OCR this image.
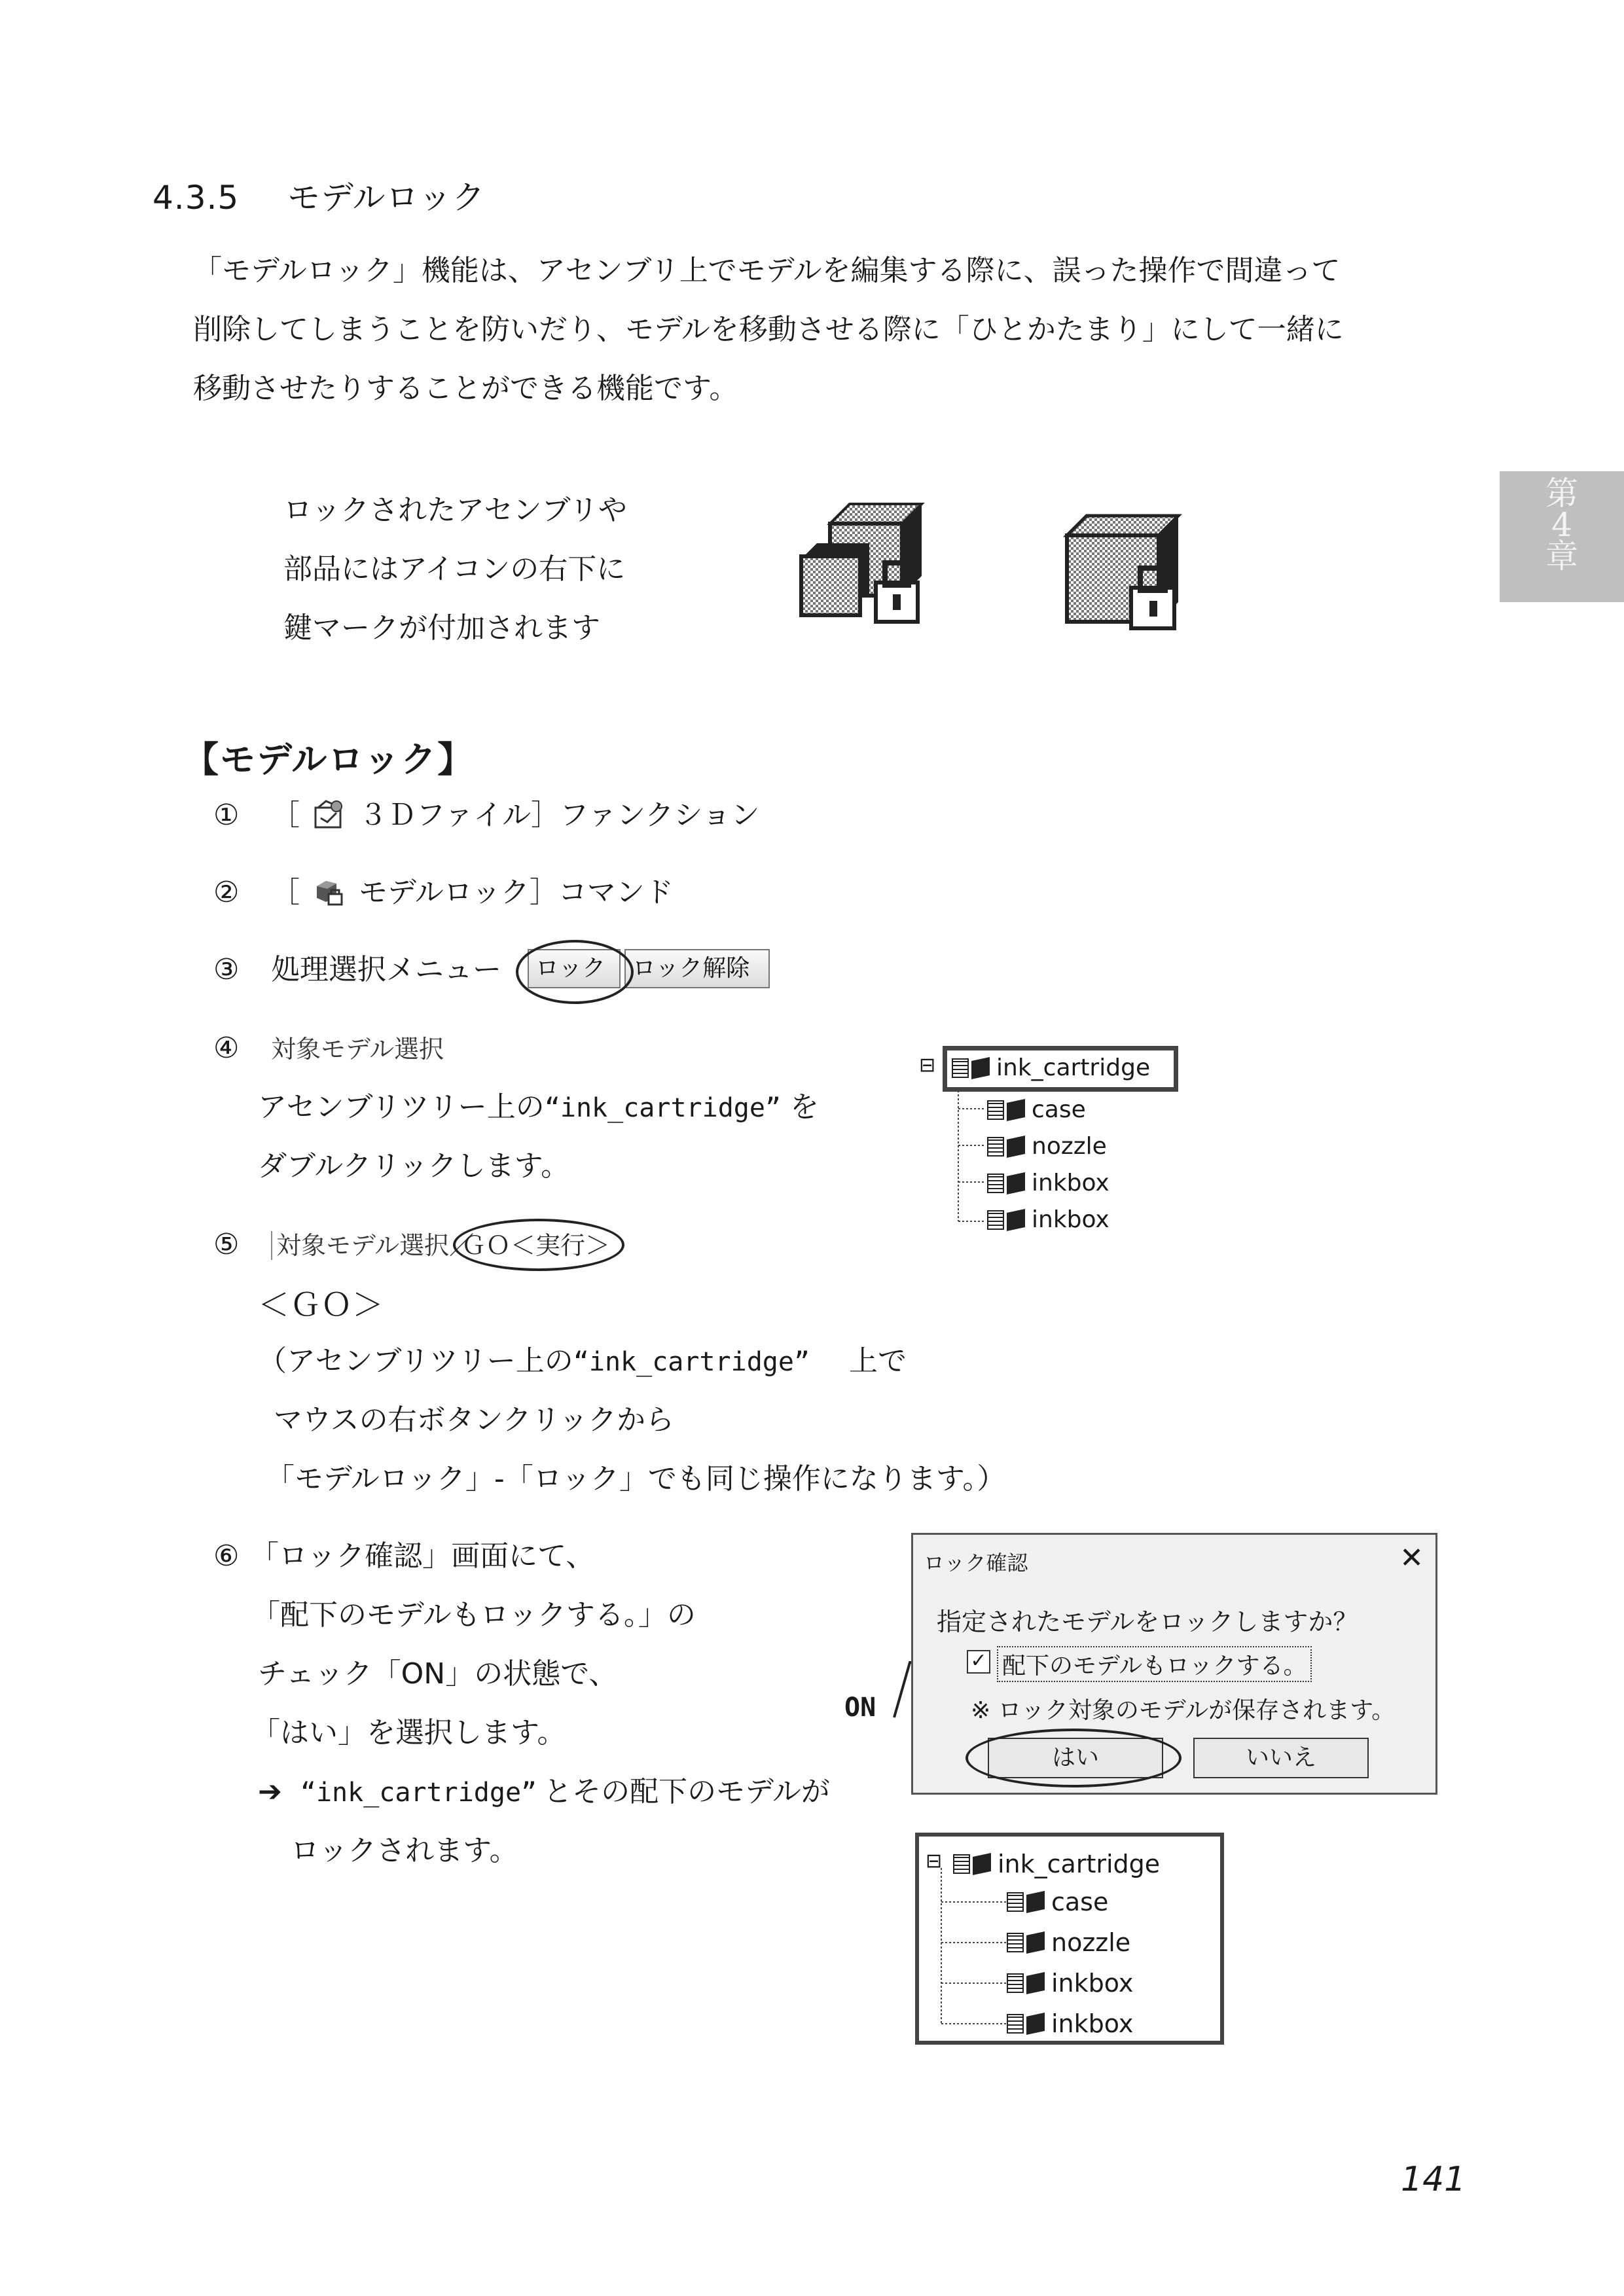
4.3.5 モデルロック
「モデルロック」機能は、アセンブリ上でモデルを編集する際に、誤った操作で間違って
削除してしまうことを防いだり、モデルを移動させる際に「ひとかたまり」にして一緒に
移動させたりすることができる機能です。
第
4
章
ロックされたアセンブリや
部品にはアイコンの右下に
鍵マークが付加されます
【モデルロック】
① ［ ３Ｄファイル］ファンクション
② ［ モデルロック］コマンド
③ 処理選択メニュー	ロック	ロック解除
④ 対象モデル選択
アセンブリツリー上の“ink_cartridge” を
ダブルクリックします。
⊟	ink_cartridge
case
nozzle
inkbox
inkbox
⑤ 対象モデル選択／
ＧＯ＜実行＞
＜ＧＯ＞
（アセンブリツリー上の“ink_cartridge” 上で
マウスの右ボタンクリックから
「モデルロック」-「ロック」でも同じ操作になります。）
⑥ 「ロック確認」画面にて、
「配下のモデルもロックする。」の
チェック「ON」の状態で、
「はい」を選択します。
➔ “ink_cartridge” とその配下のモデルが
ロックされます。
ON
ロック確認	✕
指定されたモデルをロックしますか？
✓ 配下のモデルもロックする。
※ ロック対象のモデルが保存されます。
はい	いいえ
⊟ ink_cartridge
case
nozzle
inkbox
inkbox
141
